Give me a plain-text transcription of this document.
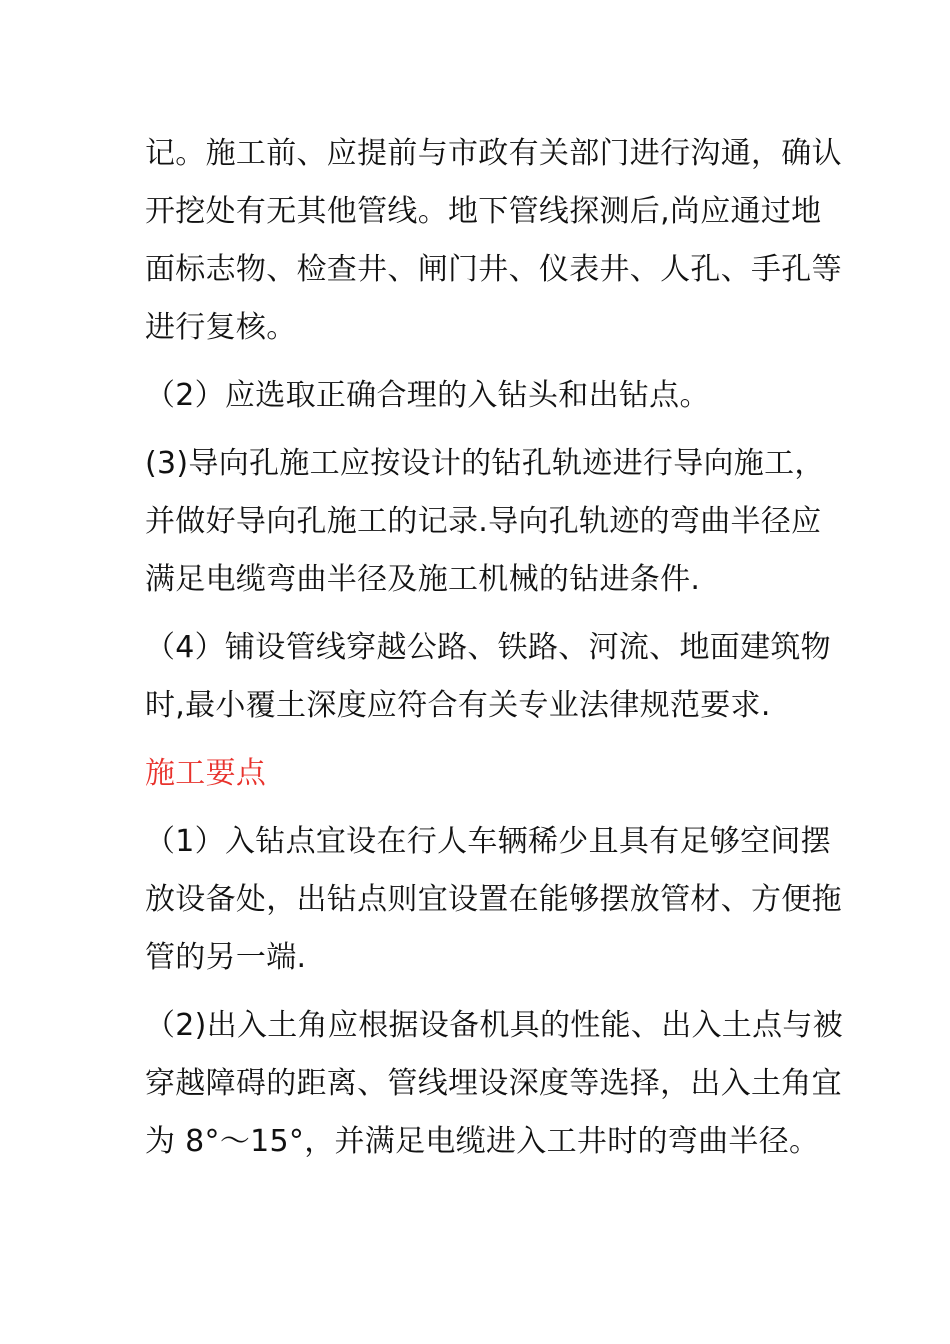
记。施工前、应提前与市政有关部门进行沟通，确认
开挖处有无其他管线。地下管线探测后,尚应通过地
面标志物、检查井、闸门井、仪表井、人孔、手孔等
进行复核。

（2）应选取正确合理的入钻头和出钻点。

(3)导向孔施工应按设计的钻孔轨迹进行导向施工，
并做好导向孔施工的记录.导向孔轨迹的弯曲半径应
满足电缆弯曲半径及施工机械的钻进条件.

（4）铺设管线穿越公路、铁路、河流、地面建筑物
时,最小覆土深度应符合有关专业法律规范要求.

施工要点

（1）入钻点宜设在行人车辆稀少且具有足够空间摆
放设备处，出钻点则宜设置在能够摆放管材、方便拖
管的另一端.

（2)出入土角应根据设备机具的性能、出入土点与被
穿越障碍的距离、管线埋设深度等选择，出入土角宜
为 8°～15°，并满足电缆进入工井时的弯曲半径。
